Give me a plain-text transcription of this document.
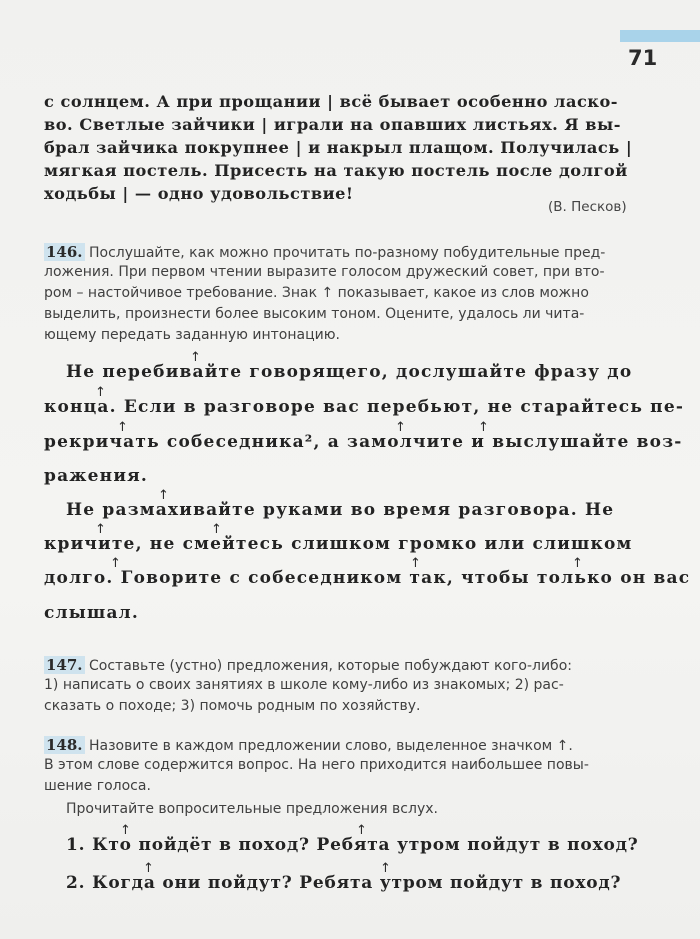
71

с солнцем. А при прощании | всё бывает особенно ласко-

во. Светлые зайчики | играли на опавших листьях. Я вы-

брал зайчика покрупнее | и накрыл плащом. Получилась |

мягкая постель. Присесть на такую постель после долгой

ходьбы | — одно удовольствие!

(В. Песков)
146. Послушайте, как можно прочитать по-разному побудительные пред-

ложения. При первом чтении выразите голосом дружеский совет, при вто-

ром – настойчивое требование. Знак ↑ показывает, какое из слов можно

выделить, произнести более высоким тоном. Оцените, удалось ли чита-

ющему передать заданную интонацию.

Не перебивайте говорящего, дослушайте фразу до

конца. Если в разговоре вас перебьют, не старайтесь пе-

рекричать собеседника², а замолчите и выслушайте воз-

ражения.

Не размахивайте руками во время разговора. Не

кричите, не смейтесь слишком громко или слишком

долго. Говорите с собеседником так, чтобы только он вас

слышал.

↑
↑
↑	↑	↑
↑
↑	↑
↑	↑	↑
147. Составьте (устно) предложения, которые побуждают кого-либо:

1) написать о своих занятиях в школе кому-либо из знакомых; 2) рас-

сказать о походе; 3) помочь родным по хозяйству.

148. Назовите в каждом предложении слово, выделенное значком ↑.

В этом слове содержится вопрос. На него приходится наибольшее повы-

шение голоса.

Прочитайте вопросительные предложения вслух.

1. Кто пойдёт в поход? Ребята утром пойдут в поход?

2. Когда они пойдут? Ребята утром пойдут в поход?

↑	↑
↑	↑
